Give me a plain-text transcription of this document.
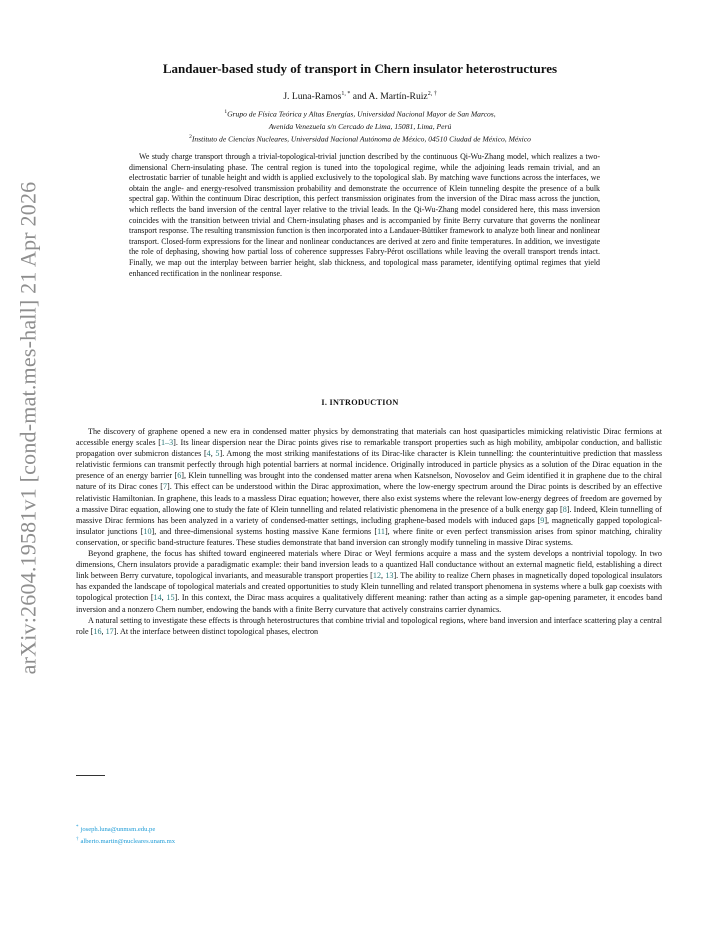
arXiv:2604.19581v1 [cond-mat.mes-hall] 21 Apr 2026
Landauer-based study of transport in Chern insulator heterostructures
J. Luna-Ramos$^{1, *}$ and A. Martín-Ruiz$^{2, \dagger}$
$^1$Grupo de Física Teórica y Altas Energías, Universidad Nacional Mayor de San Marcos,
Avenida Venezuela s/n Cercado de Lima, 15081, Lima, Perú
$^2$Instituto de Ciencias Nucleares, Universidad Nacional Autónoma de México, 04510 Ciudad de México, México
We study charge transport through a trivial-topological-trivial junction described by the continuous Qi-Wu-Zhang model, which realizes a two-dimensional Chern-insulating phase. The central region is tuned into the topological regime, while the adjoining leads remain trivial, and an electrostatic barrier of tunable height and width is applied exclusively to the topological slab. By matching wave functions across the interfaces, we obtain the angle- and energy-resolved transmission probability and demonstrate the occurrence of Klein tunneling despite the presence of a bulk spectral gap. Within the continuum Dirac description, this perfect transmission originates from the inversion of the Dirac mass across the junction, which reflects the band inversion of the central layer relative to the trivial leads. In the Qi-Wu-Zhang model considered here, this mass inversion coincides with the transition between trivial and Chern-insulating phases and is accompanied by finite Berry curvature that governs the nonlinear transport response. The resulting transmission function is then incorporated into a Landauer-Büttiker framework to analyze both linear and nonlinear transport. Closed-form expressions for the linear and nonlinear conductances are derived at zero and finite temperatures. In addition, we investigate the role of dephasing, showing how partial loss of coherence suppresses Fabry-Pérot oscillations while leaving the overall transport trends intact. Finally, we map out the interplay between barrier height, slab thickness, and topological mass parameter, identifying optimal regimes that yield enhanced rectification in the nonlinear response.
I. INTRODUCTION

The discovery of graphene opened a new era in condensed matter physics by demonstrating that materials can host quasiparticles mimicking relativistic Dirac fermions at accessible energy scales [1–3]. Its linear dispersion near the Dirac points gives rise to remarkable transport properties such as high mobility, ambipolar conduction, and ballistic propagation over submicron distances [4, 5]. Among the most striking manifestations of its Dirac-like character is Klein tunnelling: the counterintuitive prediction that massless relativistic fermions can transmit perfectly through high potential barriers at normal incidence. Originally introduced in particle physics as a solution of the Dirac equation in the presence of an energy barrier [6], Klein tunnelling was brought into the condensed matter arena when Katsnelson, Novoselov and Geim identified it in graphene due to the chiral nature of its Dirac cones [7]. This effect can be understood within the Dirac approximation, where the low-energy spectrum around the Dirac points is described by an effective relativistic Hamiltonian. In graphene, this leads to a massless Dirac equation; however, there also exist systems where the relevant low-energy degrees of freedom are governed by a massive Dirac equation, allowing one to study the fate of Klein tunnelling and related relativistic phenomena in the presence of a bulk energy gap [8]. Indeed, Klein tunnelling of massive Dirac fermions has been analyzed in a variety of condensed-matter settings, including graphene-based models with induced gaps [9], magnetically gapped topological-insulator junctions [10], and three-dimensional systems hosting massive Kane fermions [11], where finite or even perfect transmission arises from spinor matching, chirality conservation, or specific band-structure features. These studies demonstrate that band inversion can strongly modify tunneling in massive Dirac systems.

Beyond graphene, the focus has shifted toward engineered materials where Dirac or Weyl fermions acquire a mass and the system develops a nontrivial topology. In two dimensions, Chern insulators provide a paradigmatic example: their band inversion leads to a quantized Hall conductance without an external magnetic field, establishing a direct link between Berry curvature, topological invariants, and measurable transport properties [12, 13]. The ability to realize Chern phases in magnetically doped topological insulators has expanded the landscape of topological materials and created opportunities to study Klein tunnelling and related transport phenomena in systems where a bulk gap coexists with topological protection [14, 15]. In this context, the Dirac mass acquires a qualitatively different meaning: rather than acting as a simple gap-opening parameter, it encodes band inversion and a nonzero Chern number, endowing the bands with a finite Berry curvature that actively constrains carrier dynamics.

A natural setting to investigate these effects is through heterostructures that combine trivial and topological regions, where band inversion and interface scattering play a central role [16, 17]. At the interface between distinct topological phases, electron

* joseph.luna@unmsm.edu.pe
† alberto.martin@nucleares.unam.mx
